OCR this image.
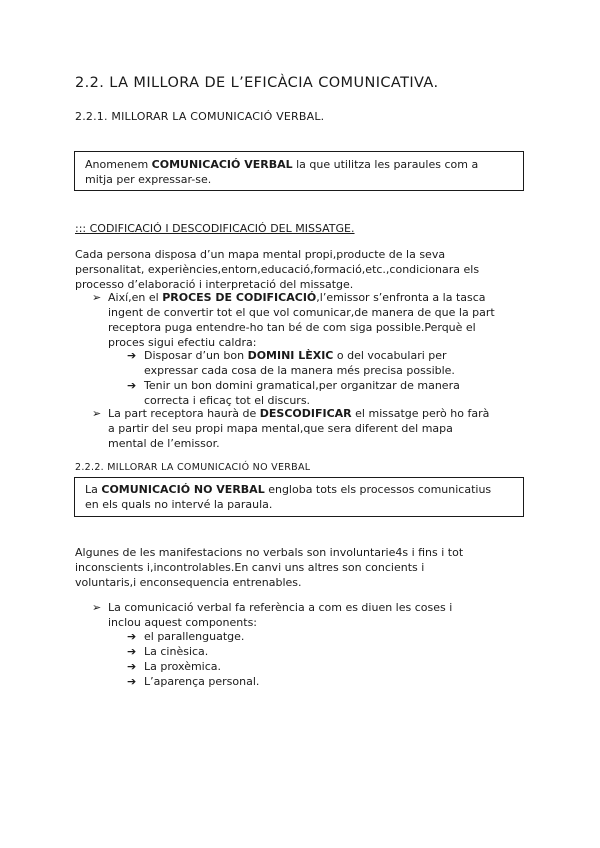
2.2. LA MILLORA DE L’EFICÀCIA COMUNICATIVA.
2.2.1. MILLORAR LA COMUNICACIÓ VERBAL.
Anomenem COMUNICACIÓ VERBAL la que utilitza les paraules com a
mitja per expressar-se.
::: CODIFICACIÓ I DESCODIFICACIÓ DEL MISSATGE.
Cada persona disposa d’un mapa mental propi,producte de la seva
personalitat, experiències,entorn,educació,formació,etc.,condicionara els
processo d’elaboració i interpretació del missatge.
➢ Així,en el PROCES DE CODIFICACIÓ,l’emissor s’enfronta a la tasca
ingent de convertir tot el que vol comunicar,de manera de que la part
receptora puga entendre-ho tan bé de com siga possible.Perquè el
proces sigui efectiu caldra:
➔ Disposar d’un bon DOMINI LÈXIC o del vocabulari per
expressar cada cosa de la manera més precisa possible.
➔ Tenir un bon domini gramatical,per organitzar de manera
correcta i eficaç tot el discurs.
➢ La part receptora haurà de DESCODIFICAR el missatge però ho farà
a partir del seu propi mapa mental,que sera diferent del mapa
mental de l’emissor.
2.2.2. MILLORAR LA COMUNICACIÓ NO VERBAL
La COMUNICACIÓ NO VERBAL engloba tots els processos comunicatius
en els quals no intervé la paraula.
Algunes de les manifestacions no verbals son involuntarie4s i fins i tot
inconscients i,incontrolables.En canvi uns altres son concients i
voluntaris,i enconsequencia entrenables.
➢ La comunicació verbal fa referència a com es diuen les coses i
inclou aquest components:
➔ el parallenguatge.
➔ La cinèsica.
➔ La proxèmica.
➔ L’aparença personal.
